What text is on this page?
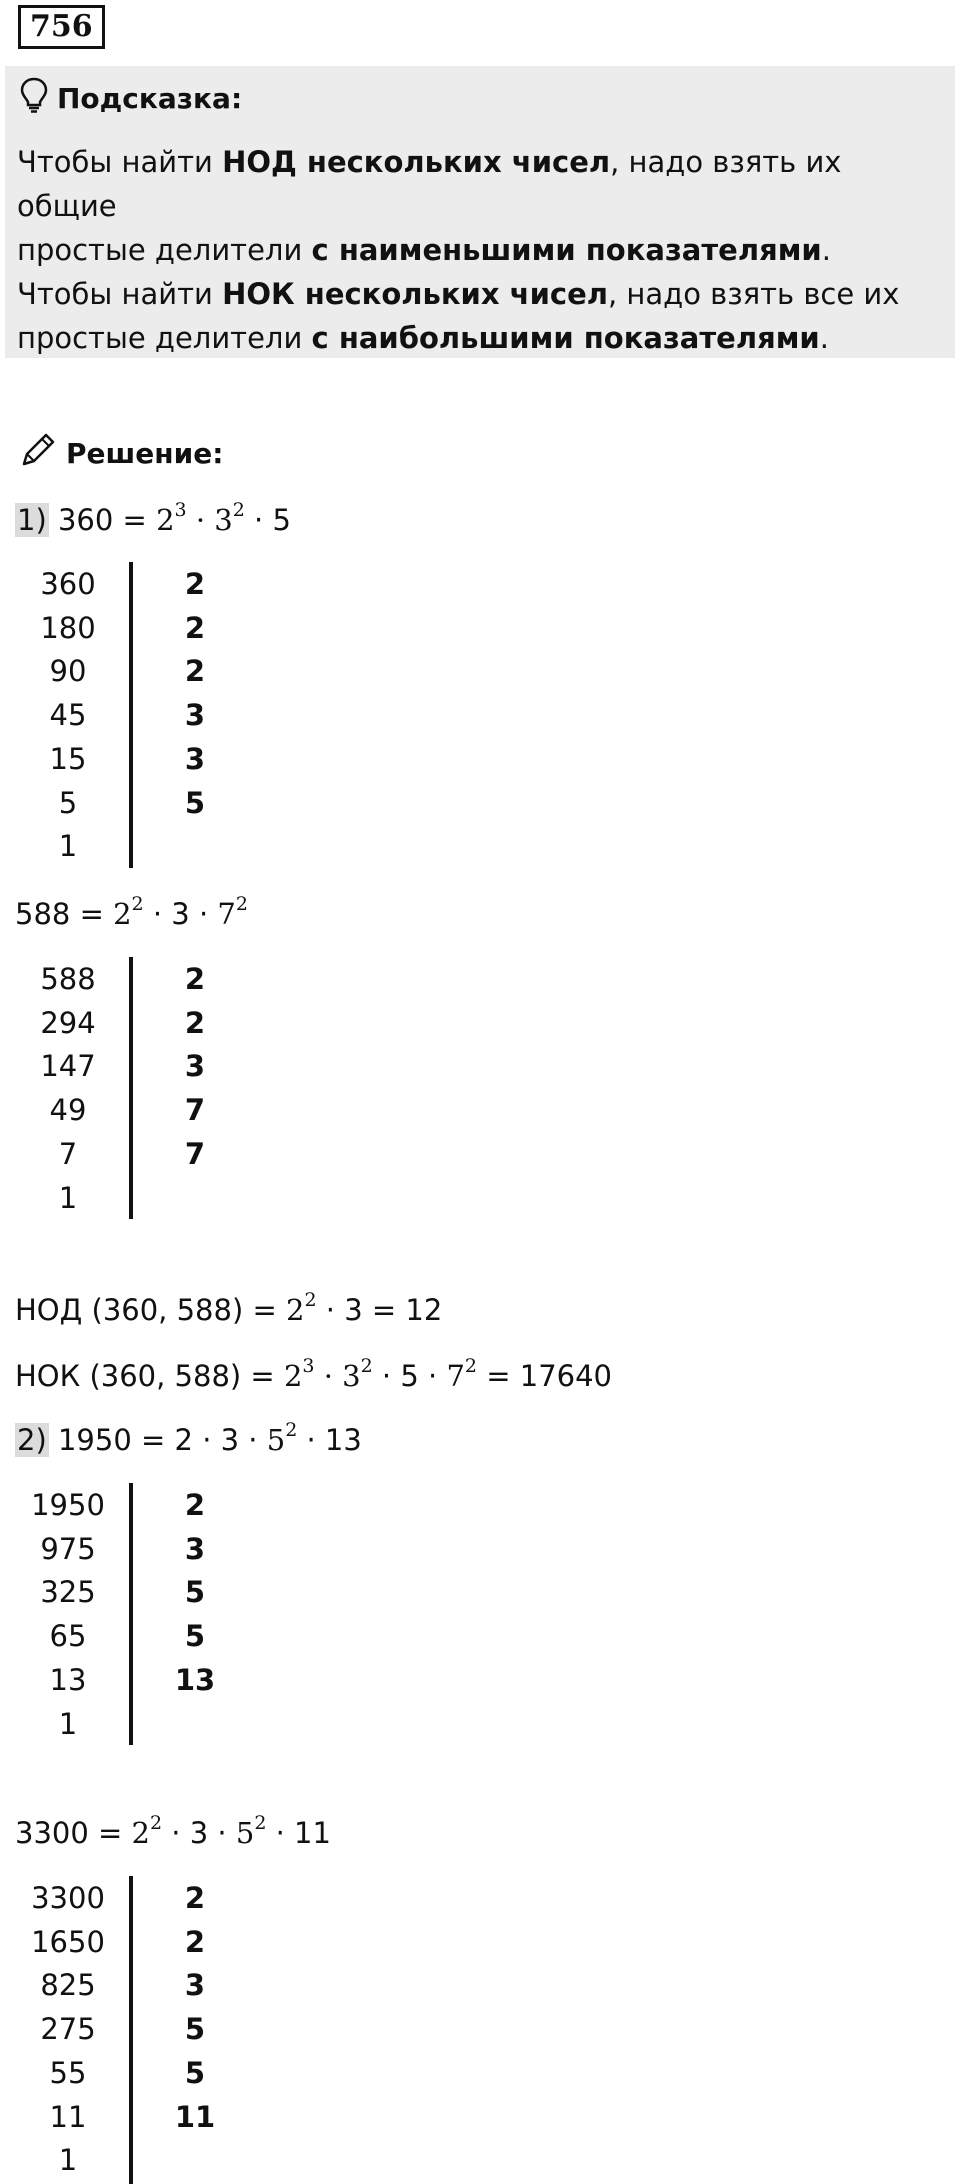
756
Подсказка:
Чтобы найти НОД нескольких чисел, надо взять их общие
простые делители с наименьшими показателями.
Чтобы найти НОК нескольких чисел, надо взять все их
простые делители с наибольшими показателями.
Решение:
1) $360 = 2^3 \cdot 3^2 \cdot 5$
360	2
180	2
90	2
45	3
15	3
5	5
1
$588 = 2^2 \cdot 3 \cdot 7^2$
588	2
294	2
147	3
49	7
7	7
1
НОД (360, $588) = 2^2 \cdot 3 = 12$
НОК (360, $588) = 2^3 \cdot 3^2 \cdot 5 \cdot 7^2 = 17640$
2) $1950 = 2 \cdot 3 \cdot 5^2 \cdot 13$
1950	2
975	3
325	5
65	5
13	13
1
$3300 = 2^2 \cdot 3 \cdot 5^2 \cdot 11$
3300	2
1650	2
825	3
275	5
55	5
11	11
1
